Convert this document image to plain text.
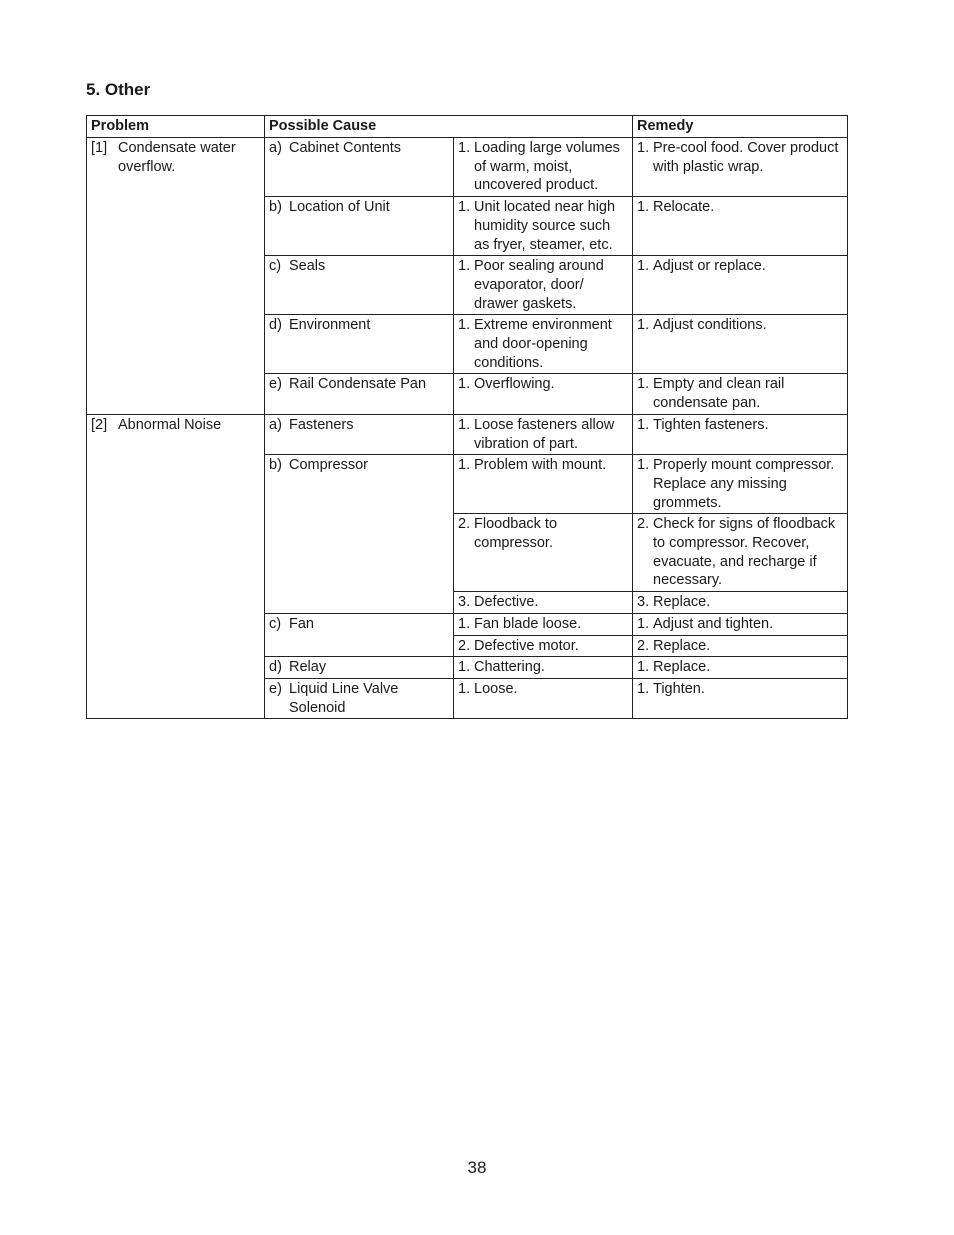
5. Other
Problem	Possible Cause		Remedy

[1] Condensate water overflow.	a) Cabinet Contents	1. Loading large volumes of warm, moist, uncovered product.	1. Pre-cool food. Cover product with plastic wrap.

	b) Location of Unit	1. Unit located near high humidity source such as fryer, steamer, etc.	1. Relocate.

	c) Seals	1. Poor sealing around evaporator, door/ drawer gaskets.	1. Adjust or replace.

	d) Environment	1. Extreme environment and door-opening conditions.	1. Adjust conditions.

	e) Rail Condensate Pan	1. Overflowing.	1. Empty and clean rail condensate pan.

[2] Abnormal Noise	a) Fasteners	1. Loose fasteners allow vibration of part.	1. Tighten fasteners.

	b) Compressor	1. Problem with mount.	1. Properly mount compressor. Replace any missing grommets.

		2. Floodback to compressor.	2. Check for signs of floodback to compressor. Recover, evacuate, and recharge if necessary.

		3. Defective.	3. Replace.

	c) Fan	1. Fan blade loose.	1. Adjust and tighten.

		2. Defective motor.	2. Replace.

	d) Relay	1. Chattering.	1. Replace.

	e) Liquid Line Valve Solenoid	1. Loose.	1. Tighten.

38
